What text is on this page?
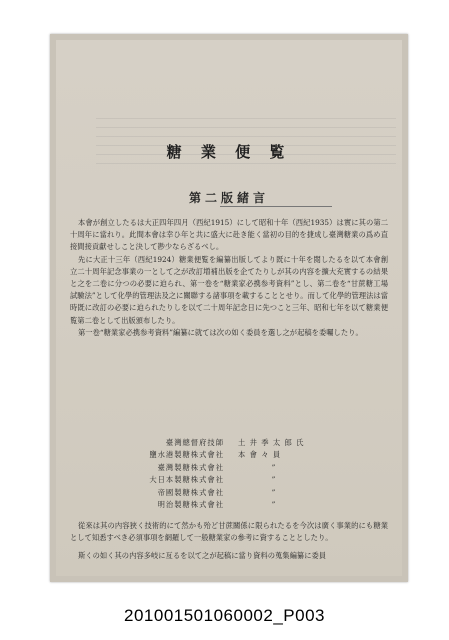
糖 業 便 覧
第二版緒言

本會が創立したるは大正四年四月（西紀1915）にして昭和十年（西紀1935）は實に其の第二十周年に當れり。此間本會は幸ひ年と共に盛大に赴き能く當初の目的を捷成し臺灣糖業の爲め直接間接貢獻せしこと決して尠少ならざるべし。

先に大正十三年（西紀1924）糖業便覧を編纂出版してより既に十年を閲したるを以て本會創立二十周年記念事業の一として之が改訂増補出版を企てたりしが其の内容を擴大充實するの結果と之を二卷に分つの必要に迫られ、第一卷を“糖業家必携参考資料”とし、第二卷を“甘蔗糖工場試驗法”として化學的管理法及之に關聯する諸事項を載することとせり。而して化學的管理法は當時既に改訂の必要に迫られたりしを以て二十周年記念日に先つこと三年、昭和七年を以て糖業便覧第二卷として出版頒布したり。

第一卷“糖業家必携参考資料”編纂に就ては次の如く委員を選し之が起稿を委囑したり。

臺灣總督府技師	土 井 季 太 郎 氏
鹽水港製糖株式會社	本 會 々 員
臺灣製糖株式會社	”
大日本製糖株式會社	”
帝國製糖株式會社	”
明治製糖株式會社	”

從來は其の内容狹く技術的にて然かも殆ど甘蔗關係に限られたるを今次は廣く事業的にも糖業として知悉すべき必須事項を網羅して一般糖業家の參考に資することとしたり。

斯くの如く其の内容多岐に亙るを以て之が起稿に當り資料の蒐集編纂に委員

201001501060002_P003
